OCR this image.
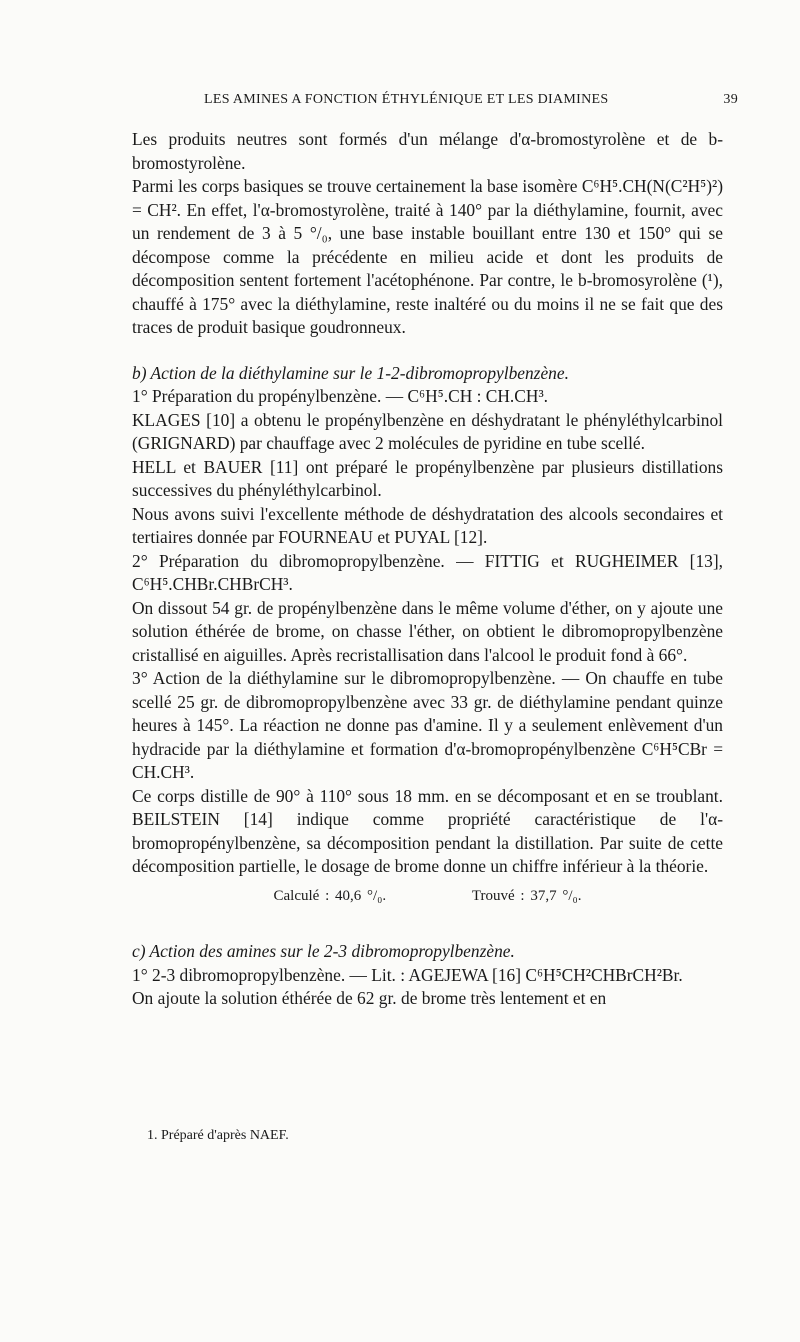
LES AMINES A FONCTION ÉTHYLÉNIQUE ET LES DIAMINES	39

Les produits neutres sont formés d'un mélange d'α-bromostyrolène et de b-bromostyrolène.

Parmi les corps basiques se trouve certainement la base isomère C⁶H⁵.CH(N(C²H⁵)²) = CH². En effet, l'α-bromostyrolène, traité à 140° par la diéthylamine, fournit, avec un rendement de 3 à 5 °/₀, une base instable bouillant entre 130 et 150° qui se décompose comme la précédente en milieu acide et dont les produits de décomposition sentent fortement l'acétophénone. Par contre, le b-bromosyrolène (¹), chauffé à 175° avec la diéthylamine, reste inaltéré ou du moins il ne se fait que des traces de produit basique goudronneux.

b) Action de la diéthylamine sur le 1-2-dibromopropylbenzène.

1° Préparation du propénylbenzène. — C⁶H⁵.CH : CH.CH³.

KLAGES [10] a obtenu le propénylbenzène en déshydratant le phényléthylcarbinol (GRIGNARD) par chauffage avec 2 molécules de pyridine en tube scellé.

HELL et BAUER [11] ont préparé le propénylbenzène par plusieurs distillations successives du phényléthylcarbinol.

Nous avons suivi l'excellente méthode de déshydratation des alcools secondaires et tertiaires donnée par FOURNEAU et PUYAL [12].

2° Préparation du dibromopropylbenzène. — FITTIG et RUGHEIMER [13], C⁶H⁵.CHBr.CHBrCH³.

On dissout 54 gr. de propénylbenzène dans le même volume d'éther, on y ajoute une solution éthérée de brome, on chasse l'éther, on obtient le dibromopropylbenzène cristallisé en aiguilles. Après recristallisation dans l'alcool le produit fond à 66°.

3° Action de la diéthylamine sur le dibromopropylbenzène. — On chauffe en tube scellé 25 gr. de dibromopropylbenzène avec 33 gr. de diéthylamine pendant quinze heures à 145°. La réaction ne donne pas d'amine. Il y a seulement enlèvement d'un hydracide par la diéthylamine et formation d'α-bromopropénylbenzène C⁶H⁵CBr = CH.CH³.

Ce corps distille de 90° à 110° sous 18 mm. en se décomposant et en se troublant. BEILSTEIN [14] indique comme propriété caractéristique de l'α-bromopropénylbenzène, sa décomposition pendant la distillation. Par suite de cette décomposition partielle, le dosage de brome donne un chiffre inférieur à la théorie.

Calculé : 40,6 °/₀.	Trouvé : 37,7 °/₀.

c) Action des amines sur le 2-3 dibromopropylbenzène.

1° 2-3 dibromopropylbenzène. — Lit. : AGEJEWA [16] C⁶H⁵CH²CHBrCH²Br.

On ajoute la solution éthérée de 62 gr. de brome très lentement et en

1. Préparé d'après NAEF.
